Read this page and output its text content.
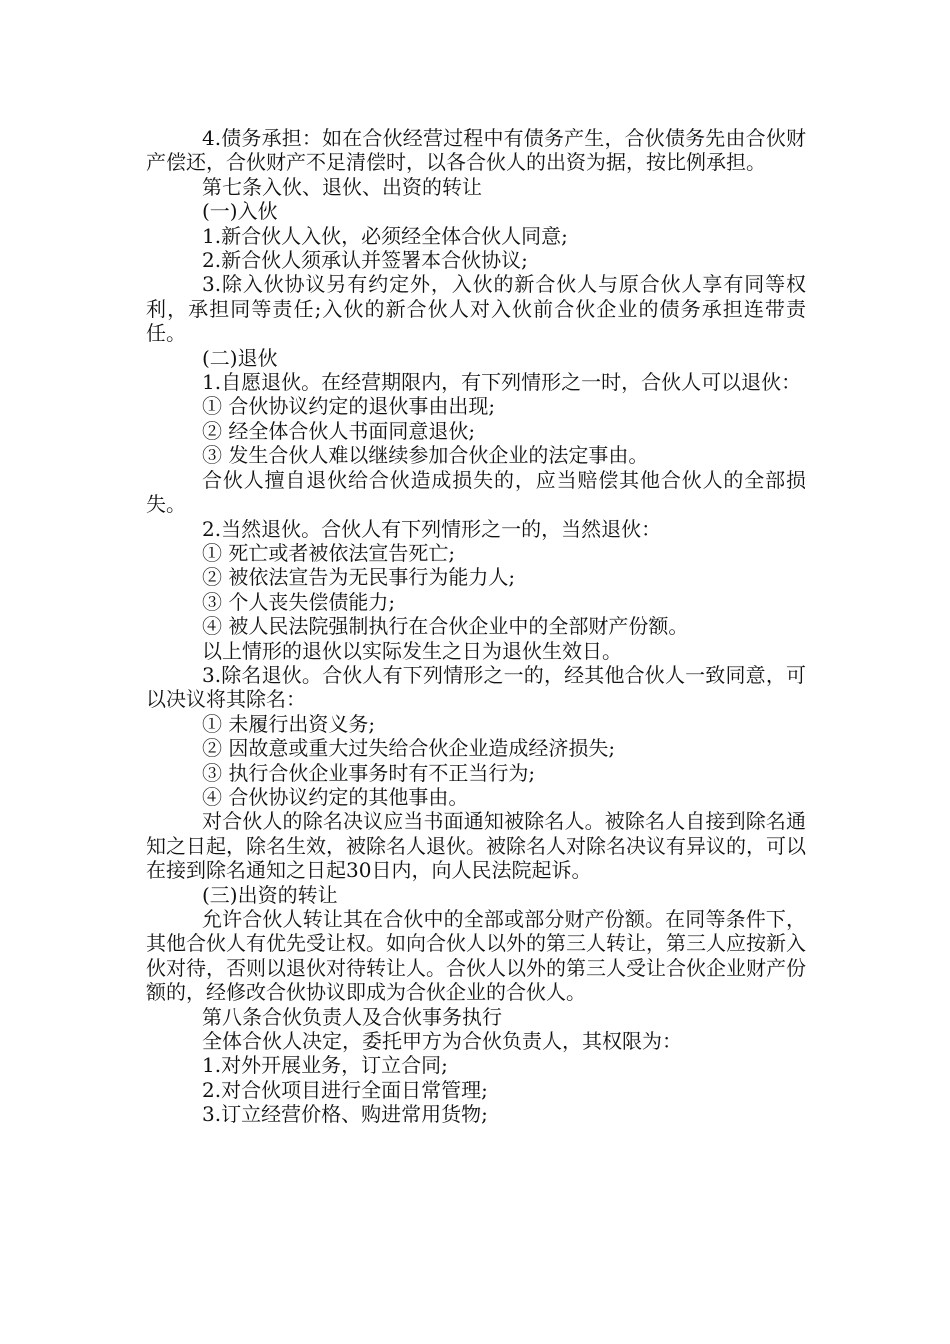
4.债务承担：如在合伙经营过程中有债务产生，合伙债务先由合伙财产偿还，合伙财产不足清偿时，以各合伙人的出资为据，按比例承担。

第七条入伙、退伙、出资的转让

(一)入伙

1.新合伙人入伙，必须经全体合伙人同意;

2.新合伙人须承认并签署本合伙协议;

3.除入伙协议另有约定外，入伙的新合伙人与原合伙人享有同等权利，承担同等责任;入伙的新合伙人对入伙前合伙企业的债务承担连带责任。

(二)退伙

1.自愿退伙。在经营期限内，有下列情形之一时，合伙人可以退伙：

① 合伙协议约定的退伙事由出现;

② 经全体合伙人书面同意退伙;

③ 发生合伙人难以继续参加合伙企业的法定事由。

合伙人擅自退伙给合伙造成损失的，应当赔偿其他合伙人的全部损失。

2.当然退伙。合伙人有下列情形之一的，当然退伙：

① 死亡或者被依法宣告死亡;

② 被依法宣告为无民事行为能力人;

③ 个人丧失偿债能力;

④ 被人民法院强制执行在合伙企业中的全部财产份额。

以上情形的退伙以实际发生之日为退伙生效日。

3.除名退伙。合伙人有下列情形之一的，经其他合伙人一致同意，可以决议将其除名：

① 未履行出资义务;

② 因故意或重大过失给合伙企业造成经济损失;

③ 执行合伙企业事务时有不正当行为;

④ 合伙协议约定的其他事由。

对合伙人的除名决议应当书面通知被除名人。被除名人自接到除名通知之日起，除名生效，被除名人退伙。被除名人对除名决议有异议的，可以在接到除名通知之日起30日内，向人民法院起诉。

(三)出资的转让

允许合伙人转让其在合伙中的全部或部分财产份额。在同等条件下，其他合伙人有优先受让权。如向合伙人以外的第三人转让，第三人应按新入伙对待，否则以退伙对待转让人。合伙人以外的第三人受让合伙企业财产份额的，经修改合伙协议即成为合伙企业的合伙人。

第八条合伙负责人及合伙事务执行

全体合伙人决定，委托甲方为合伙负责人，其权限为：

1.对外开展业务，订立合同;

2.对合伙项目进行全面日常管理;

3.订立经营价格、购进常用货物;
